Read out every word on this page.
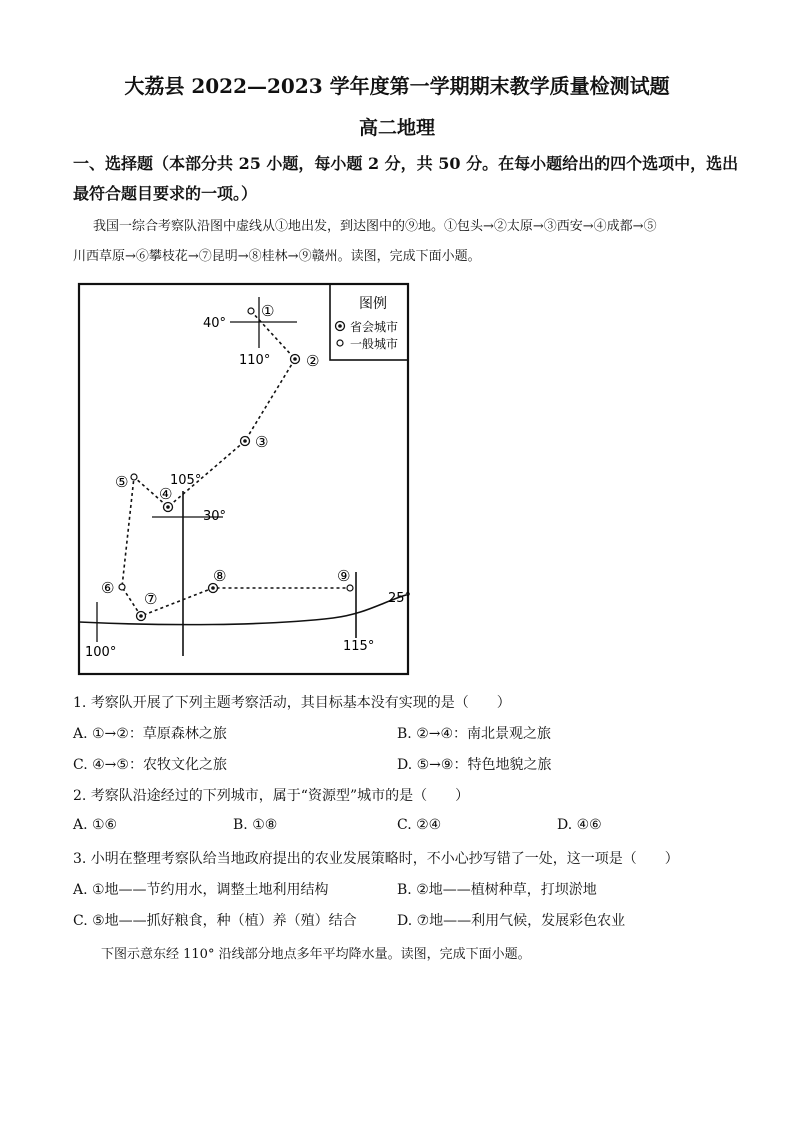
大荔县 2022—2023 学年度第一学期期末教学质量检测试题
高二地理
一、选择题（本部分共 25 小题，每小题 2 分，共 50 分。在每小题给出的四个选项中，选出
最符合题目要求的一项。）
我国一综合考察队沿图中虚线从①地出发，到达图中的⑨地。①包头→②太原→③西安→④成都→⑤
川西草原→⑥攀枝花→⑦昆明→⑧桂林→⑨赣州。读图，完成下面小题。
图例
省会城市
一般城市
①
②
③
④
⑤
⑥
⑦
⑧	⑨
40°
110°
105°
30°
25°
100°	115°
1. 考察队开展了下列主题考察活动，其目标基本没有实现的是（　　）
A. ①→②：草原森林之旅	B. ②→④：南北景观之旅
C. ④→⑤：农牧文化之旅	D. ⑤→⑨：特色地貌之旅
2. 考察队沿途经过的下列城市，属于“资源型”城市的是（　　）
A. ①⑥	B. ①⑧	C. ②④	D. ④⑥
3. 小明在整理考察队给当地政府提出的农业发展策略时，不小心抄写错了一处，这一项是（　　）
A. ①地——节约用水，调整土地利用结构	B. ②地——植树种草，打坝淤地
C. ⑤地——抓好粮食，种（植）养（殖）结合	D. ⑦地——利用气候，发展彩色农业
下图示意东经 110° 沿线部分地点多年平均降水量。读图，完成下面小题。
